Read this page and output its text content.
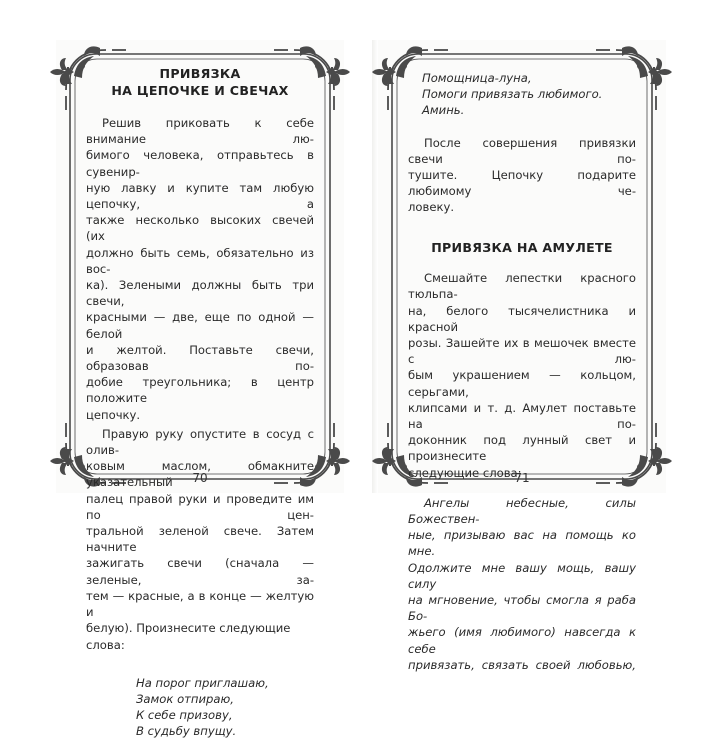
ПРИВЯЗКА
НА ЦЕПОЧКЕ И СВЕЧАХ

Решив приковать к себе внимание лю-
бимого человека, отправьтесь в сувенир-
ную лавку и купите там любую цепочку, а
также несколько высоких свечей (их
должно быть семь, обязательно из вос-
ка). Зелеными должны быть три свечи,
красными — две, еще по одной — белой
и желтой. Поставьте свечи, образовав по-
добие треугольника; в центр положите
цепочку.

Правую руку опустите в сосуд с олив-
ковым маслом, обмакните указательный
палец правой руки и проведите им по цен-
тральной зеленой свече. Затем начните
зажигать свечи (сначала — зеленые, за-
тем — красные, а в конце — желтую и
белую). Произнесите следующие слова:

На порог приглашаю,
Замок отпираю,
К себе призову,
В судьбу впущу.

70

Помощница-луна,
Помоги привязать любимого.
Аминь.

После совершения привязки свечи по-
тушите. Цепочку подарите любимому че-
ловеку.

ПРИВЯЗКА НА АМУЛЕТЕ

Смешайте лепестки красного тюльпа-
на, белого тысячелистника и красной
розы. Зашейте их в мешочек вместе с лю-
бым украшением — кольцом, серьгами,
клипсами и т. д. Амулет поставьте на по-
доконник под лунный свет и произнесите
следующие слова:

Ангелы небесные, силы Божествен-
ные, призываю вас на помощь ко мне.
Одолжите мне вашу мощь, вашу силу
на мгновение, чтобы смогла я раба Бо-
жьего (имя любимого) навсегда к себе
привязать, связать своей любовью,

71
